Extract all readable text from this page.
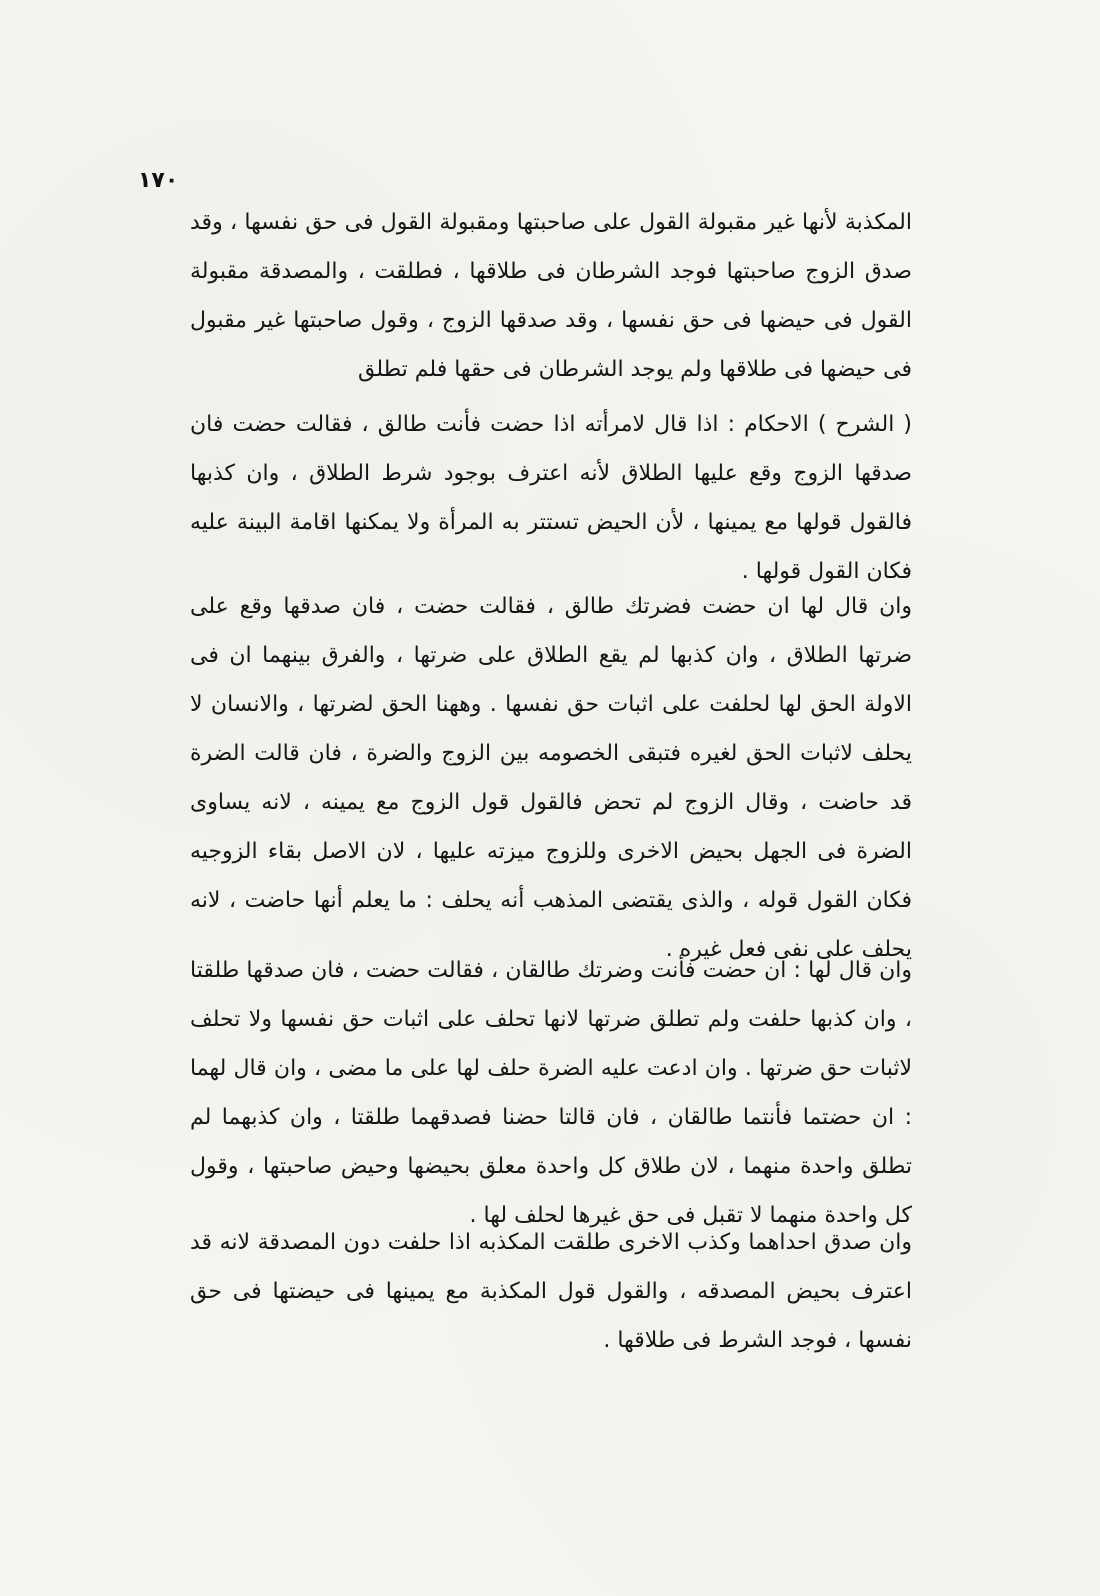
١٧٠

المكذبة لأنها غير مقبولة القول على صاحبتها ومقبولة القول فى حق نفسها ، وقد صدق الزوج صاحبتها فوجد الشرطان فى طلاقها ، فطلقت ، والمصدقة مقبولة القول فى حيضها فى حق نفسها ، وقد صدقها الزوج ، وقول صاحبتها غير مقبول فى حيضها فى طلاقها ولم يوجد الشرطان فى حقها فلم تطلق

( الشرح ) الاحكام : اذا قال لامرأته اذا حضت فأنت طالق ، فقالت حضت فان صدقها الزوج وقع عليها الطلاق لأنه اعترف بوجود شرط الطلاق ، وان كذبها فالقول قولها مع يمينها ، لأن الحيض تستتر به المرأة ولا يمكنها اقامة البينة عليه فكان القول قولها .

وان قال لها ان حضت فضرتك طالق ، فقالت حضت ، فان صدقها وقع على ضرتها الطلاق ، وان كذبها لم يقع الطلاق على ضرتها ، والفرق بينهما ان فى الاولة الحق لها لحلفت على اثبات حق نفسها . وههنا الحق لضرتها ، والانسان لا يحلف لاثبات الحق لغيره فتبقى الخصومه بين الزوج والضرة ، فان قالت الضرة قد حاضت ، وقال الزوج لم تحض فالقول قول الزوج مع يمينه ، لانه يساوى الضرة فى الجهل بحيض الاخرى وللزوج ميزته عليها ، لان الاصل بقاء الزوجيه فكان القول قوله ، والذى يقتضى المذهب أنه يحلف : ما يعلم أنها حاضت ، لانه يحلف على نفى فعل غيره .

وان قال لها : ان حضت فأنت وضرتك طالقان ، فقالت حضت ، فان صدقها طلقتا ، وان كذبها حلفت ولم تطلق ضرتها لانها تحلف على اثبات حق نفسها ولا تحلف لاثبات حق ضرتها . وان ادعت عليه الضرة حلف لها على ما مضى ، وان قال لهما : ان حضتما فأنتما طالقان ، فان قالتا حضنا فصدقهما طلقتا ، وان كذبهما لم تطلق واحدة منهما ، لان طلاق كل واحدة معلق بحيضها وحيض صاحبتها ، وقول كل واحدة منهما لا تقبل فى حق غيرها لحلف لها .

وان صدق احداهما وكذب الاخرى طلقت المكذبه اذا حلفت دون المصدقة لانه قد اعترف بحيض المصدقه ، والقول قول المكذبة مع يمينها فى حيضتها فى حق نفسها ، فوجد الشرط فى طلاقها .
